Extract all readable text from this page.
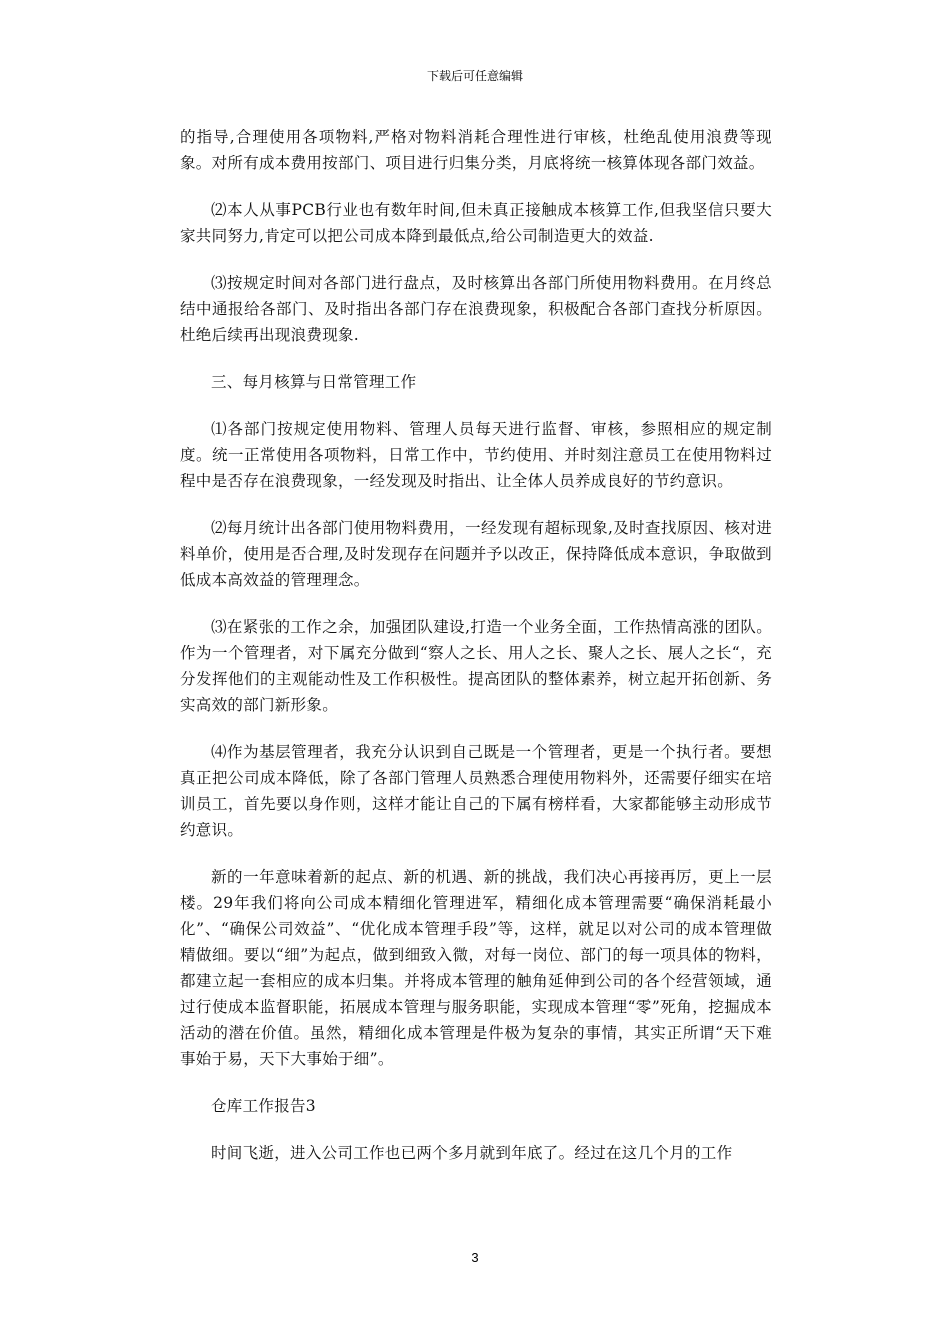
下载后可任意编辑

的指导,合理使用各项物料,严格对物料消耗合理性进行审核，杜绝乱使用浪费等现象。对所有成本费用按部门、项目进行归集分类，月底将统一核算体现各部门效益。

⑵本人从事PCB行业也有数年时间,但未真正接触成本核算工作,但我坚信只要大家共同努力,肯定可以把公司成本降到最低点,给公司制造更大的效益.

⑶按规定时间对各部门进行盘点，及时核算出各部门所使用物料费用。在月终总结中通报给各部门、及时指出各部门存在浪费现象，积极配合各部门查找分析原因。杜绝后续再出现浪费现象.

三、每月核算与日常管理工作

⑴各部门按规定使用物料、管理人员每天进行监督、审核，参照相应的规定制度。统一正常使用各项物料，日常工作中，节约使用、并时刻注意员工在使用物料过程中是否存在浪费现象，一经发现及时指出、让全体人员养成良好的节约意识。

⑵每月统计出各部门使用物料费用，一经发现有超标现象,及时查找原因、核对进料单价，使用是否合理,及时发现存在问题并予以改正，保持降低成本意识，争取做到低成本高效益的管理理念。

⑶在紧张的工作之余，加强团队建设,打造一个业务全面，工作热情高涨的团队。作为一个管理者，对下属充分做到“察人之长、用人之长、聚人之长、展人之长“，充分发挥他们的主观能动性及工作积极性。提高团队的整体素养，树立起开拓创新、务实高效的部门新形象。

⑷作为基层管理者，我充分认识到自己既是一个管理者，更是一个执行者。要想真正把公司成本降低，除了各部门管理人员熟悉合理使用物料外，还需要仔细实在培训员工，首先要以身作则，这样才能让自己的下属有榜样看，大家都能够主动形成节约意识。

新的一年意味着新的起点、新的机遇、新的挑战，我们决心再接再厉，更上一层楼。29年我们将向公司成本精细化管理进军，精细化成本管理需要“确保消耗最小化”、“确保公司效益”、“优化成本管理手段”等，这样，就足以对公司的成本管理做精做细。要以“细”为起点，做到细致入微，对每一岗位、部门的每一项具体的物料，都建立起一套相应的成本归集。并将成本管理的触角延伸到公司的各个经营领域，通过行使成本监督职能，拓展成本管理与服务职能，实现成本管理“零”死角，挖掘成本活动的潜在价值。虽然，精细化成本管理是件极为复杂的事情，其实正所谓“天下难事始于易，天下大事始于细”。

仓库工作报告3

时间飞逝，进入公司工作也已两个多月就到年底了。经过在这几个月的工作

3
